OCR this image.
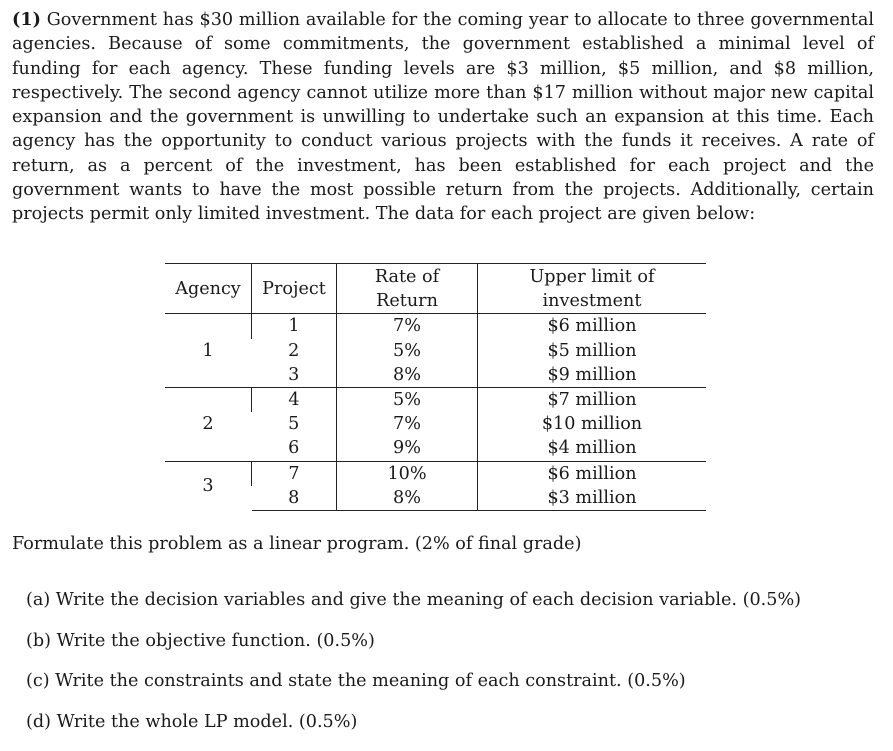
(1) Government has $30 million available for the coming year to allocate to three governmental agencies. Because of some commitments, the government established a minimal level of funding for each agency. These funding levels are $3 million, $5 million, and $8 million, respectively. The second agency cannot utilize more than $17 million without major new capital expansion and the government is unwilling to undertake such an expansion at this time. Each agency has the opportunity to conduct various projects with the funds it receives. A rate of return, as a percent of the investment, has been established for each project and the government wants to have the most possible return from the projects. Additionally, certain projects permit only limited investment. The data for each project are given below:

Agency	Project	Rate of Return	Upper limit of investment
1	1	7%	$6 million
	2	5%	$5 million
	3	8%	$9 million
2	4	5%	$7 million
	5	7%	$10 million
	6	9%	$4 million
3	7	10%	$6 million
	8	8%	$3 million

Formulate this problem as a linear program. (2% of final grade)

(a) Write the decision variables and give the meaning of each decision variable. (0.5%)
(b) Write the objective function. (0.5%)
(c) Write the constraints and state the meaning of each constraint. (0.5%)
(d) Write the whole LP model. (0.5%)
